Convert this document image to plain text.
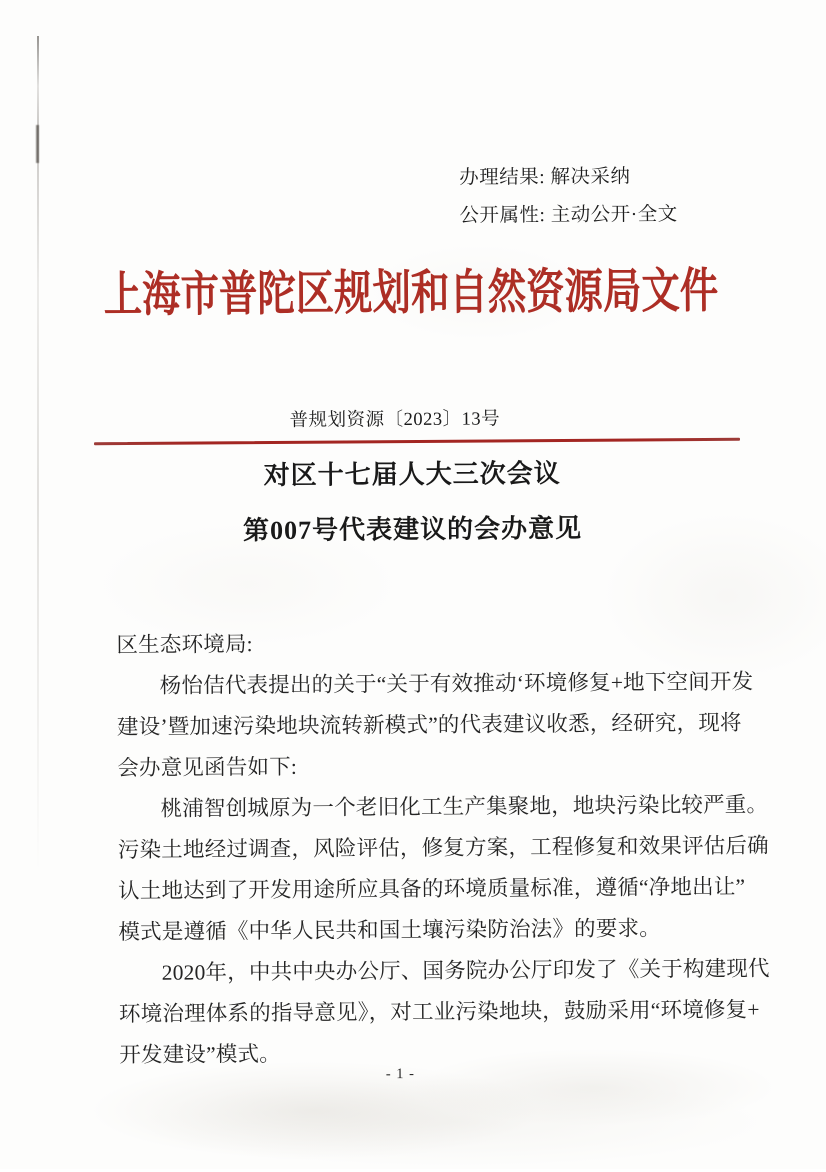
办理结果: 解决采纳
公开属性: 主动公开·全文
上海市普陀区规划和自然资源局文件
普规划资源〔2023〕13号
对区十七届人大三次会议
第007号代表建议的会办意见
区生态环境局:
杨怡佶代表提出的关于“关于有效推动‘环境修复+地下空间开发
建设’暨加速污染地块流转新模式”的代表建议收悉，经研究，现将
会办意见函告如下:
桃浦智创城原为一个老旧化工生产集聚地，地块污染比较严重。
污染土地经过调查，风险评估，修复方案，工程修复和效果评估后确
认土地达到了开发用途所应具备的环境质量标准，遵循“净地出让”
模式是遵循《中华人民共和国土壤污染防治法》的要求。
2020年，中共中央办公厅、国务院办公厅印发了《关于构建现代
环境治理体系的指导意见》，对工业污染地块，鼓励采用“环境修复+
开发建设”模式。
- 1 -
